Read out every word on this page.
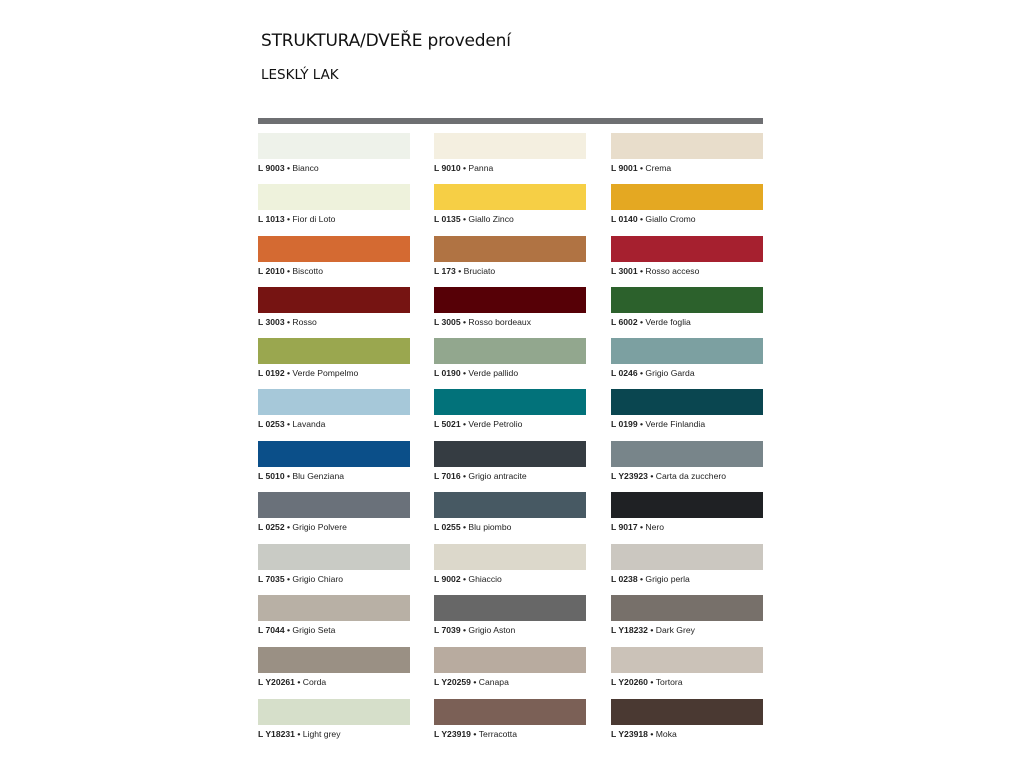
STRUKTURA/DVEŘE provedení
LESKLÝ LAK
L 9003 • Bianco	L 9010 • Panna	L 9001 • Crema
L 1013 • Fior di Loto	L 0135 • Giallo Zinco	L 0140 • Giallo Cromo
L 2010 • Biscotto	L 173 • Bruciato	L 3001 • Rosso acceso
L 3003 • Rosso	L 3005 • Rosso bordeaux	L 6002 • Verde foglia
L 0192 • Verde Pompelmo	L 0190 • Verde pallido	L 0246 • Grigio Garda
L 0253 • Lavanda	L 5021 • Verde Petrolio	L 0199 • Verde Finlandia
L 5010 • Blu Genziana	L 7016 • Grigio antracite	L Y23923 • Carta da zucchero
L 0252 • Grigio Polvere	L 0255 • Blu piombo	L 9017 • Nero
L 7035 • Grigio Chiaro	L 9002 • Ghiaccio	L 0238 • Grigio perla
L 7044 • Grigio Seta	L 7039 • Grigio Aston	L Y18232 • Dark Grey
L Y20261 • Corda	L Y20259 • Canapa	L Y20260 • Tortora
L Y18231 • Light grey	L Y23919 • Terracotta	L Y23918 • Moka
